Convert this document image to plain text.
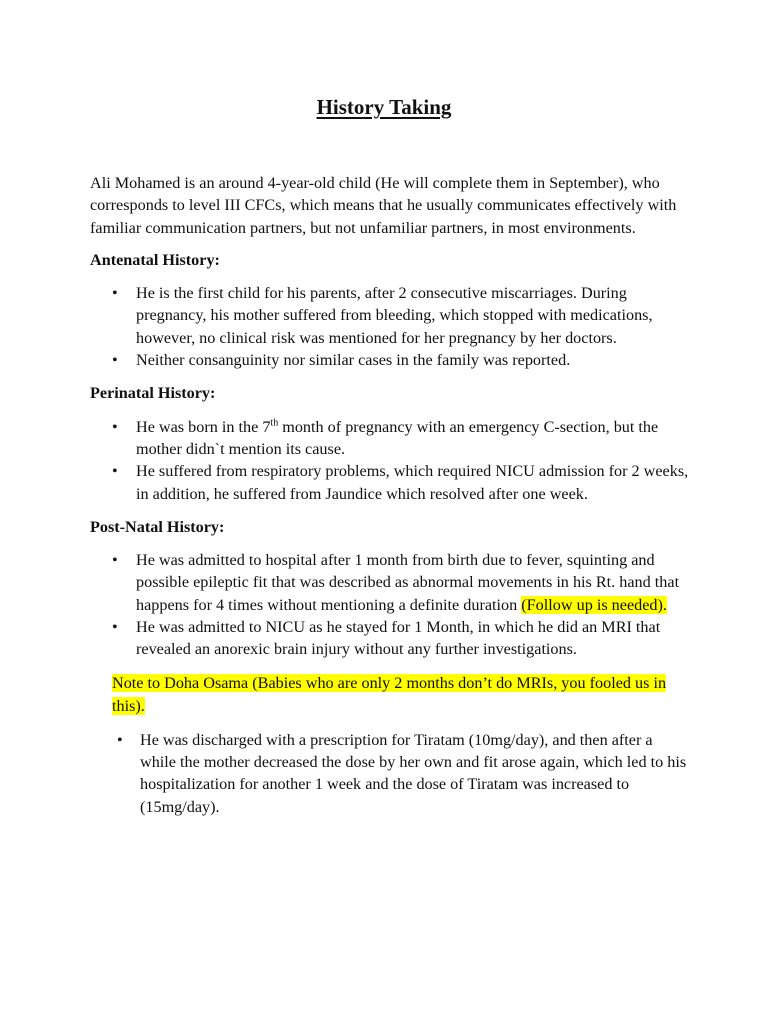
History Taking

Ali Mohamed is an around 4-year-old child (He will complete them in September), who corresponds to level III CFCs, which means that he usually communicates effectively with familiar communication partners, but not unfamiliar partners, in most environments.

Antenatal History:

• He is the first child for his parents, after 2 consecutive miscarriages. During pregnancy, his mother suffered from bleeding, which stopped with medications, however, no clinical risk was mentioned for her pregnancy by her doctors.
• Neither consanguinity nor similar cases in the family was reported.

Perinatal History:

• He was born in the 7th month of pregnancy with an emergency C-section, but the mother didn`t mention its cause.
• He suffered from respiratory problems, which required NICU admission for 2 weeks, in addition, he suffered from Jaundice which resolved after one week.

Post-Natal History:

• He was admitted to hospital after 1 month from birth due to fever, squinting and possible epileptic fit that was described as abnormal movements in his Rt. hand that happens for 4 times without mentioning a definite duration (Follow up is needed).
• He was admitted to NICU as he stayed for 1 Month, in which he did an MRI that revealed an anorexic brain injury without any further investigations.

Note to Doha Osama (Babies who are only 2 months don’t do MRIs, you fooled us in this).

• He was discharged with a prescription for Tiratam (10mg/day), and then after a while the mother decreased the dose by her own and fit arose again, which led to his hospitalization for another 1 week and the dose of Tiratam was increased to (15mg/day).
